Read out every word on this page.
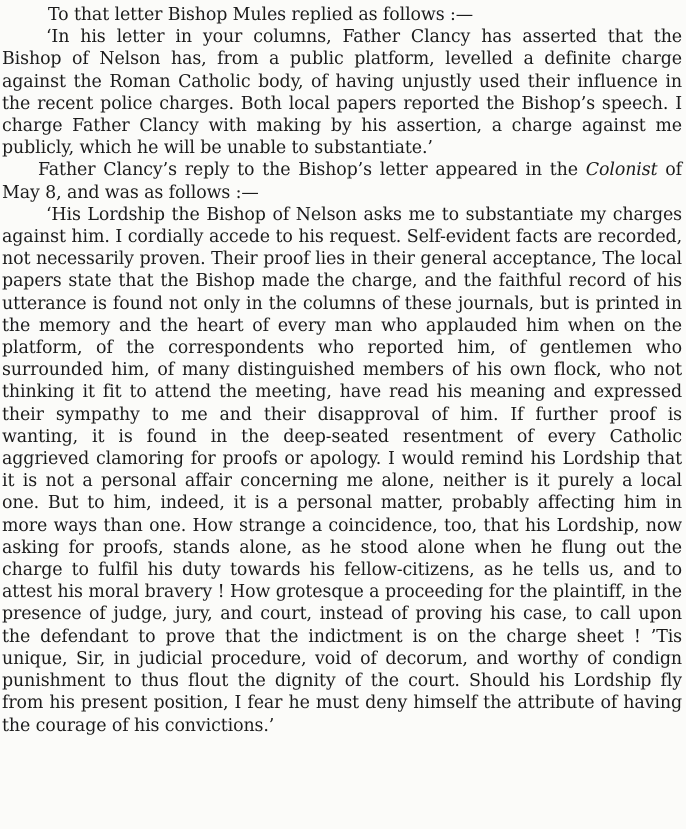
To that letter Bishop Mules replied as follows :—

‘In his letter in your columns, Father Clancy has asserted that the Bishop of Nelson has, from a public platform, levelled a definite charge against the Roman Catholic body, of having unjustly used their influence in the recent police charges. Both local papers reported the Bishop’s speech. I charge Father Clancy with making by his assertion, a charge against me publicly, which he will be unable to substantiate.’

Father Clancy’s reply to the Bishop’s letter appeared in the Colonist of May 8, and was as follows :—

‘His Lordship the Bishop of Nelson asks me to substantiate my charges against him. I cordially accede to his request. Self-evident facts are recorded, not necessarily proven. Their proof lies in their general acceptance, The local papers state that the Bishop made the charge, and the faithful record of his utterance is found not only in the columns of these journals, but is printed in the memory and the heart of every man who applauded him when on the platform, of the correspondents who reported him, of gentlemen who surrounded him, of many distinguished members of his own flock, who not thinking it fit to attend the meeting, have read his meaning and expressed their sympathy to me and their disapproval of him. If further proof is wanting, it is found in the deep-seated resentment of every Catholic aggrieved clamoring for proofs or apology. I would remind his Lordship that it is not a personal affair concerning me alone, neither is it purely a local one. But to him, indeed, it is a personal matter, probably affecting him in more ways than one. How strange a coincidence, too, that his Lordship, now asking for proofs, stands alone, as he stood alone when he flung out the charge to fulfil his duty towards his fellow-citizens, as he tells us, and to attest his moral bravery ! How grotesque a proceeding for the plaintiff, in the presence of judge, jury, and court, instead of proving his case, to call upon the defendant to prove that the indictment is on the charge sheet ! ’Tis unique, Sir, in judicial procedure, void of decorum, and worthy of condign punishment to thus flout the dignity of the court. Should his Lordship fly from his present position, I fear he must deny himself the attribute of having the courage of his convictions.’
